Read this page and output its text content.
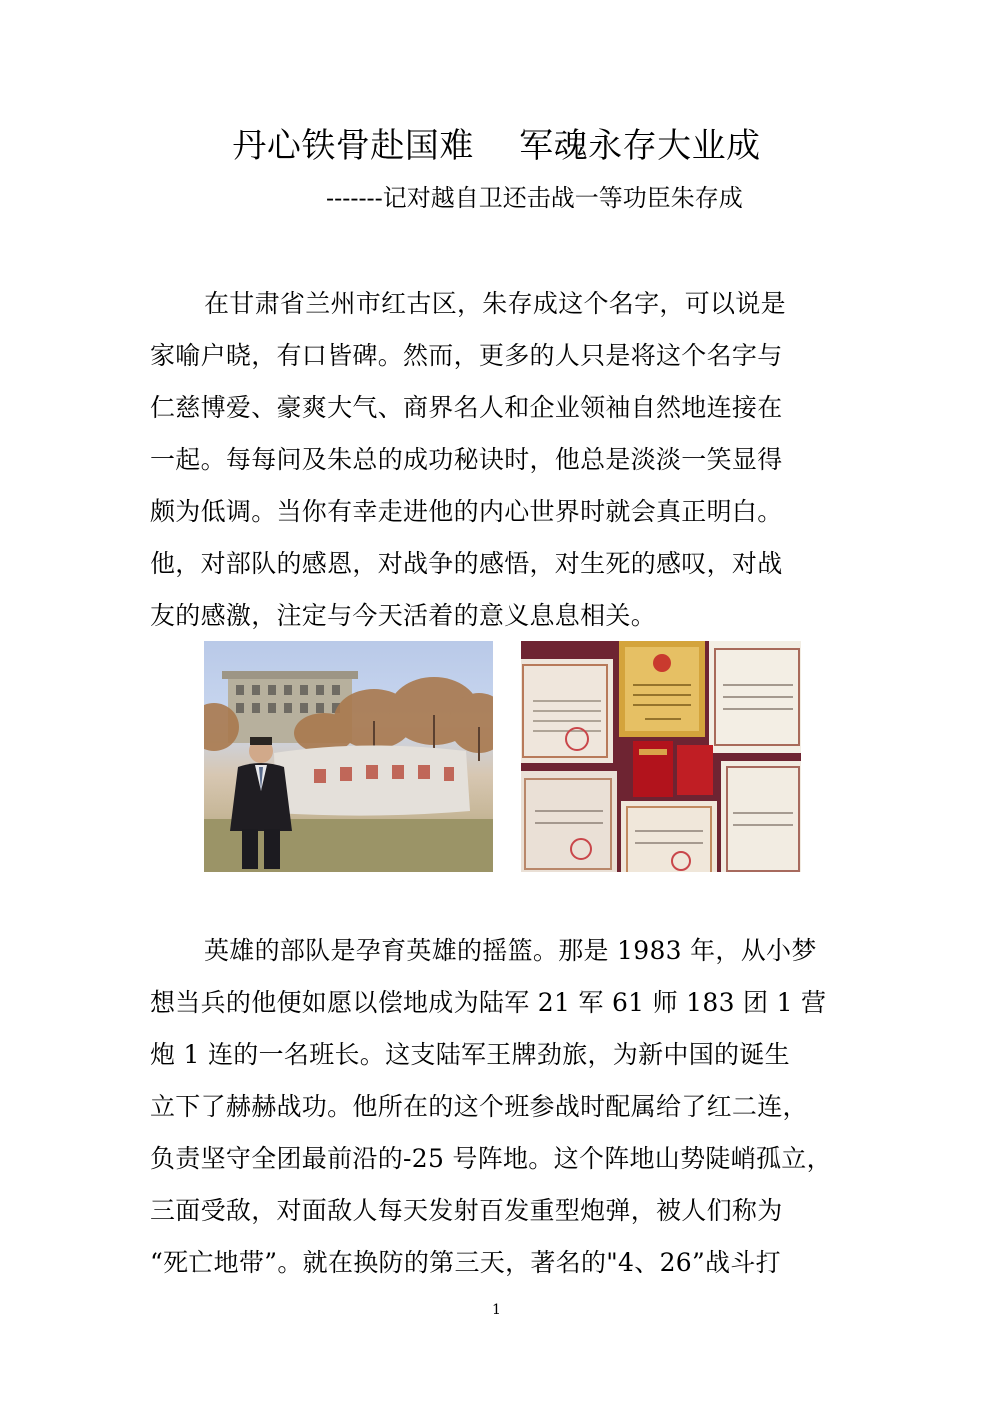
丹心铁骨赴国难    军魂永存大业成
-------记对越自卫还击战一等功臣朱存成
在甘肃省兰州市红古区，朱存成这个名字，可以说是
家喻户晓，有口皆碑。然而，更多的人只是将这个名字与
仁慈博爱、豪爽大气、商界名人和企业领袖自然地连接在
一起。每每问及朱总的成功秘诀时，他总是淡淡一笑显得
颇为低调。当你有幸走进他的内心世界时就会真正明白。
他，对部队的感恩，对战争的感悟，对生死的感叹，对战
友的感激，注定与今天活着的意义息息相关。
英雄的部队是孕育英雄的摇篮。那是 1983 年，从小梦
想当兵的他便如愿以偿地成为陆军 21 军 61 师 183 团 1 营
炮 1 连的一名班长。这支陆军王牌劲旅，为新中国的诞生
立下了赫赫战功。他所在的这个班参战时配属给了红二连，
负责坚守全团最前沿的-25 号阵地。这个阵地山势陡峭孤立，
三面受敌，对面敌人每天发射百发重型炮弹，被人们称为
“死亡地带”。就在换防的第三天，著名的"4、26”战斗打
1
